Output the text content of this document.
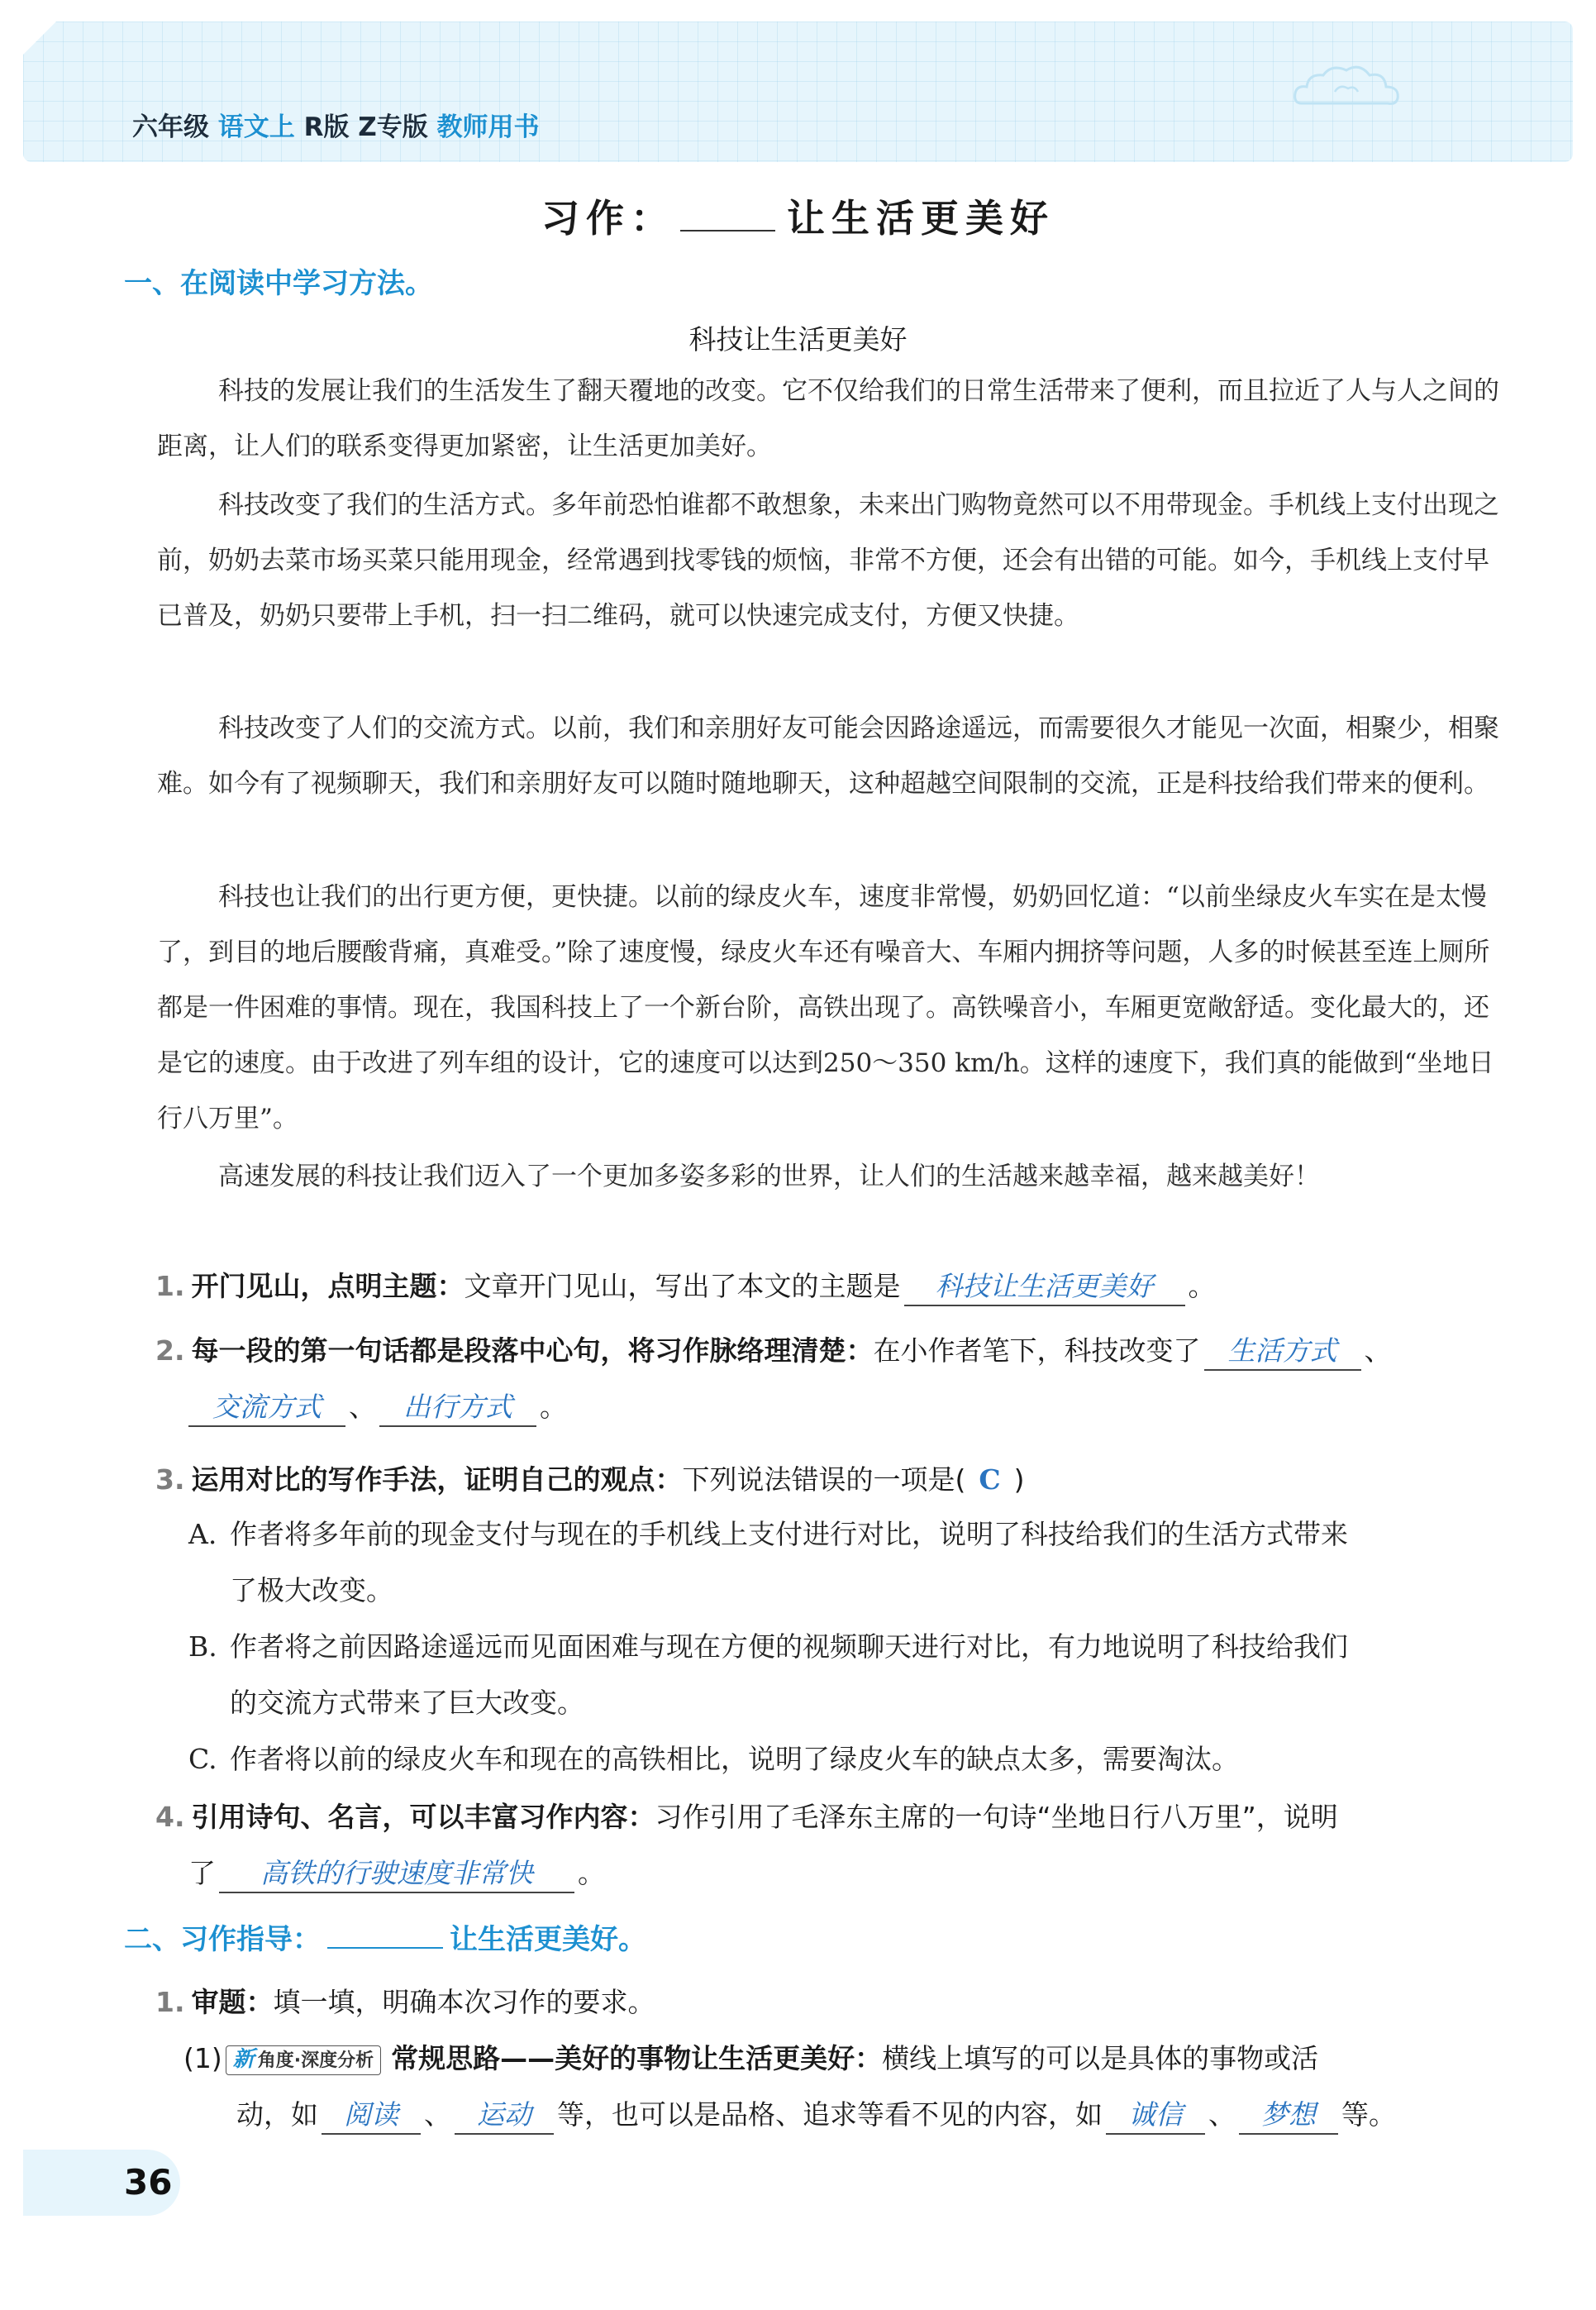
六年级 语文上 R版 Z专版 教师用书
习作：	让生活更美好
一、在阅读中学习方法。
科技让生活更美好
科技的发展让我们的生活发生了翻天覆地的改变。它不仅给我们的日常生活带来了便利，而且拉近了人与人之间的距离，让人们的联系变得更加紧密，让生活更加美好。
科技改变了我们的生活方式。多年前恐怕谁都不敢想象，未来出门购物竟然可以不用带现金。手机线上支付出现之前，奶奶去菜市场买菜只能用现金，经常遇到找零钱的烦恼，非常不方便，还会有出错的可能。如今，手机线上支付早已普及，奶奶只要带上手机，扫一扫二维码，就可以快速完成支付，方便又快捷。
科技改变了人们的交流方式。以前，我们和亲朋好友可能会因路途遥远，而需要很久才能见一次面，相聚少，相聚难。如今有了视频聊天，我们和亲朋好友可以随时随地聊天，这种超越空间限制的交流，正是科技给我们带来的便利。
科技也让我们的出行更方便，更快捷。以前的绿皮火车，速度非常慢，奶奶回忆道：“以前坐绿皮火车实在是太慢了，到目的地后腰酸背痛，真难受。”除了速度慢，绿皮火车还有噪音大、车厢内拥挤等问题，人多的时候甚至连上厕所都是一件困难的事情。现在，我国科技上了一个新台阶，高铁出现了。高铁噪音小，车厢更宽敞舒适。变化最大的，还是它的速度。由于改进了列车组的设计，它的速度可以达到250～350 km/h。这样的速度下，我们真的能做到“坐地日行八万里”。
高速发展的科技让我们迈入了一个更加多姿多彩的世界，让人们的生活越来越幸福，越来越美好！
1. 开门见山，点明主题：文章开门见山，写出了本文的主题是 科技让生活更美好 。
2. 每一段的第一句话都是段落中心句，将习作脉络理清楚：在小作者笔下，科技改变了 生活方式 、
交流方式 、 出行方式 。
3. 运用对比的写作手法，证明自己的观点：下列说法错误的一项是( C )
A. 作者将多年前的现金支付与现在的手机线上支付进行对比，说明了科技给我们的生活方式带来
了极大改变。
B. 作者将之前因路途遥远而见面困难与现在方便的视频聊天进行对比，有力地说明了科技给我们
的交流方式带来了巨大改变。
C. 作者将以前的绿皮火车和现在的高铁相比，说明了绿皮火车的缺点太多，需要淘汰。
4. 引用诗句、名言，可以丰富习作内容：习作引用了毛泽东主席的一句诗“坐地日行八万里”，说明
了 高铁的行驶速度非常快 。
二、习作指导：	让生活更美好。
1. 审题：填一填，明确本次习作的要求。
(1) 新 角度·深度分析 常规思路——美好的事物让生活更美好：横线上填写的可以是具体的事物或活
动，如 阅读 、 运动 等，也可以是品格、追求等看不见的内容，如 诚信 、 梦想 等。
36
